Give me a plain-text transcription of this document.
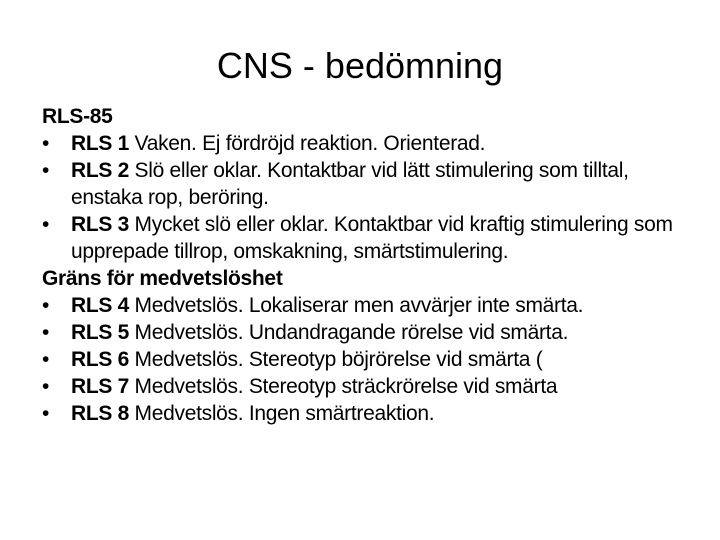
CNS - bedömning

RLS-85

• RLS 1 Vaken. Ej fördröjd reaktion. Orienterad.
• RLS 2 Slö eller oklar. Kontaktbar vid lätt stimulering som tilltal, enstaka rop, beröring.
• RLS 3 Mycket slö eller oklar. Kontaktbar vid kraftig stimulering som upprepade tillrop, omskakning, smärtstimulering.

Gräns för medvetslöshet

• RLS 4 Medvetslös. Lokaliserar men avvärjer inte smärta.
• RLS 5 Medvetslös. Undandragande rörelse vid smärta.
• RLS 6 Medvetslös. Stereotyp böjrörelse vid smärta (
• RLS 7 Medvetslös. Stereotyp sträckrörelse vid smärta
• RLS 8 Medvetslös. Ingen smärtreaktion.
